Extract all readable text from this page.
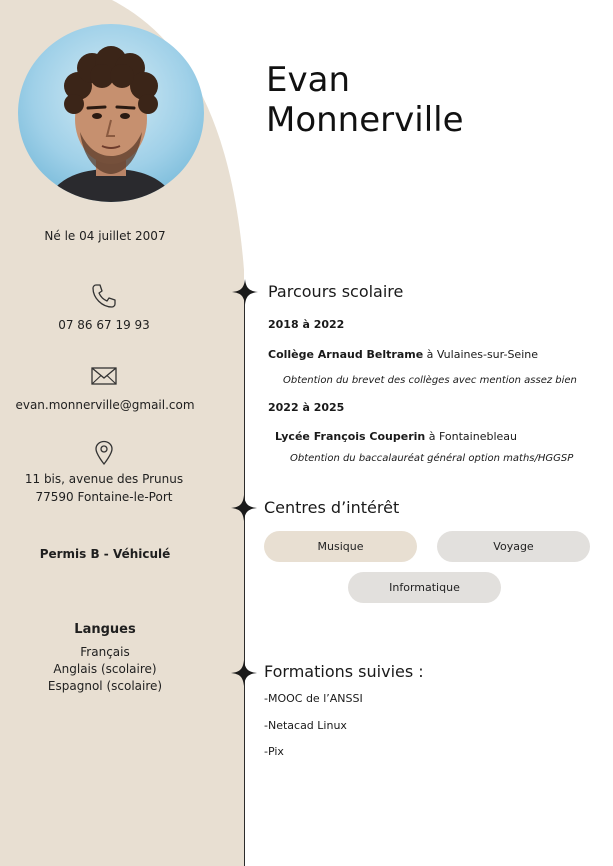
Né le 04 juillet 2007
07 86 67 19 93
evan.monnerville@gmail.com
11 bis, avenue des Prunus
77590 Fontaine-le-Port
Permis B - Véhiculé
Langues
Français
Anglais (scolaire)
Espagnol (scolaire)
Evan
Monnerville
Parcours scolaire
2018 à 2022
Collège Arnaud Beltrame à Vulaines-sur-Seine
Obtention du brevet des collèges avec mention assez bien
2022 à 2025
Lycée François Couperin à Fontainebleau
Obtention du baccalauréat général option maths/HGGSP
Centres d’intérêt
Musique	Voyage
Informatique
Formations suivies :
-MOOC de l’ANSSI
-Netacad Linux
-Pix
